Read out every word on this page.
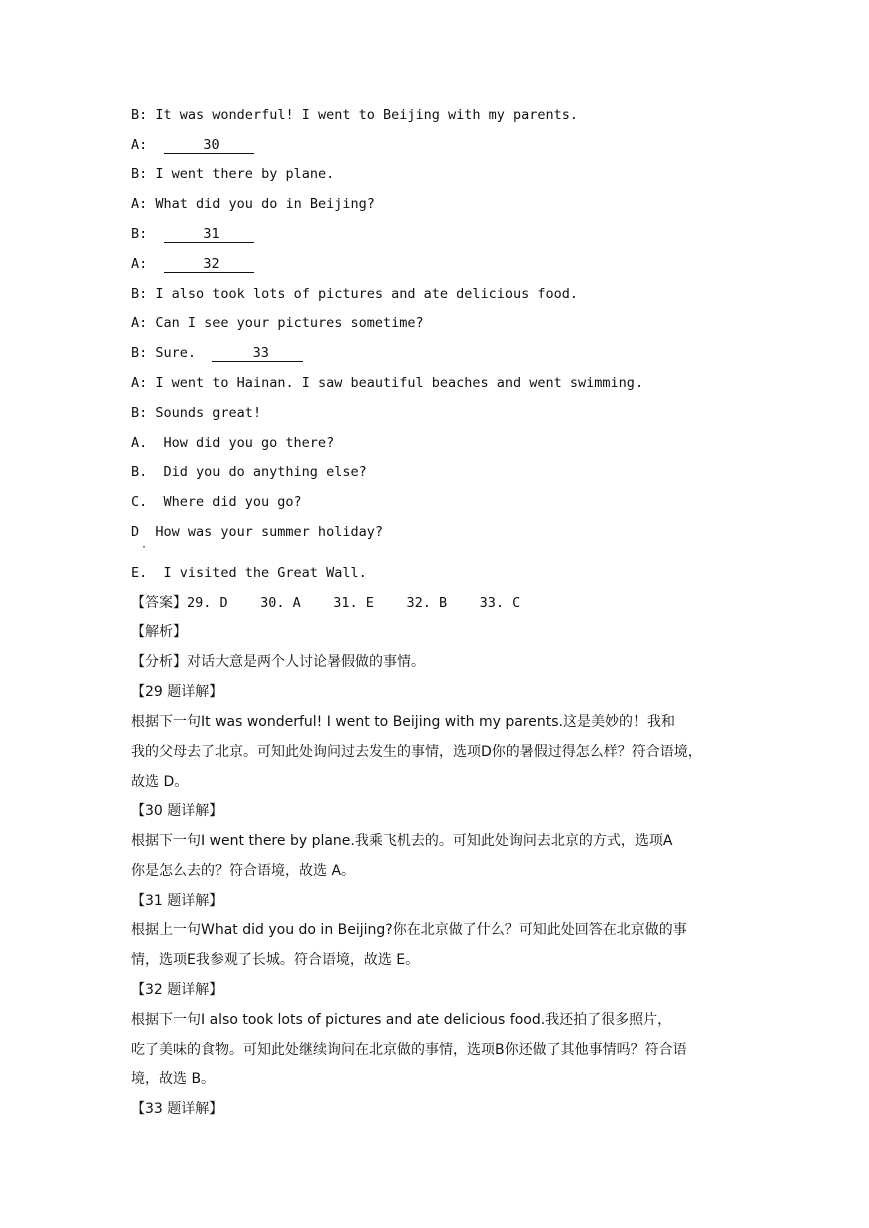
B: It was wonderful! I went to Beijing with my parents.
A:	30
B: I went there by plane.
A: What did you do in Beijing?
B:	31
A:	32
B: I also took lots of pictures and ate delicious food.
A: Can I see your pictures sometime?
B: Sure.	33
A: I went to Hainan. I saw beautiful beaches and went swimming.
B: Sounds great!
A.  How did you go there?
B.  Did you do anything else?
C.  Where did you go?
D  How was your summer holiday?
·
E.  I visited the Great Wall.
【答案】29. D    30. A    31. E    32. B    33. C
【解析】
【分析】对话大意是两个人讨论暑假做的事情。
【29 题详解】
根据下一句It was wonderful! I went to Beijing with my parents.这是美妙的！我和
我的父母去了北京。可知此处询问过去发生的事情，选项D你的暑假过得怎么样？符合语境，
故选 D。
【30 题详解】
根据下一句I went there by plane.我乘飞机去的。可知此处询问去北京的方式，选项A
你是怎么去的？符合语境，故选 A。
【31 题详解】
根据上一句What did you do in Beijing?你在北京做了什么？可知此处回答在北京做的事
情，选项E我参观了长城。符合语境，故选 E。
【32 题详解】
根据下一句I also took lots of pictures and ate delicious food.我还拍了很多照片，
吃了美味的食物。可知此处继续询问在北京做的事情，选项B你还做了其他事情吗？符合语
境，故选 B。
【33 题详解】
